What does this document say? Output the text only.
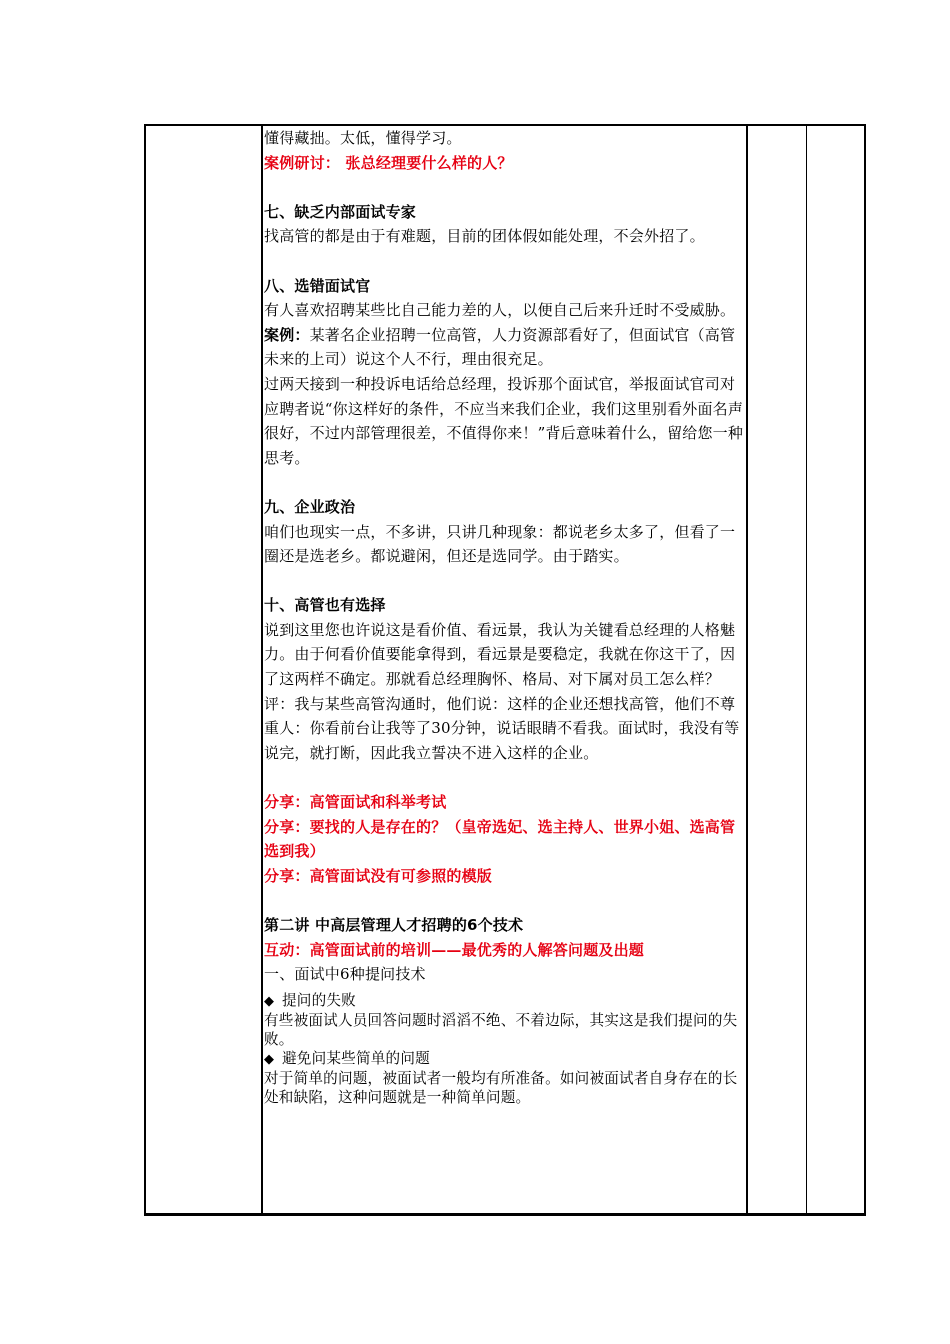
懂得藏拙。太低，懂得学习。

案例研讨： 张总经理要什么样的人？

七、缺乏内部面试专家

找高管的都是由于有难题，目前的团体假如能处理，不会外招了。

八、选错面试官

有人喜欢招聘某些比自己能力差的人，以便自己后来升迁时不受威胁。

案例：某著名企业招聘一位高管，人力资源部看好了，但面试官（高管未来的上司）说这个人不行，理由很充足。

过两天接到一种投诉电话给总经理，投诉那个面试官，举报面试官司对应聘者说“你这样好的条件，不应当来我们企业，我们这里别看外面名声很好，不过内部管理很差，不值得你来！”背后意味着什么，留给您一种思考。

九、企业政治

咱们也现实一点，不多讲，只讲几种现象：都说老乡太多了，但看了一圈还是选老乡。都说避闲，但还是选同学。由于踏实。

十、高管也有选择

说到这里您也许说这是看价值、看远景，我认为关键看总经理的人格魅力。由于何看价值要能拿得到，看远景是要稳定，我就在你这干了，因了这两样不确定。那就看总经理胸怀、格局、对下属对员工怎么样？

评：我与某些高管沟通时，他们说：这样的企业还想找高管，他们不尊重人：你看前台让我等了30分钟，说话眼睛不看我。面试时，我没有等说完，就打断，因此我立誓决不进入这样的企业。

分享：高管面试和科举考试

分享：要找的人是存在的？（皇帝选妃、选主持人、世界小姐、选高管选到我）

分享：高管面试没有可参照的模版

第二讲 中高层管理人才招聘的6个技术

互动：高管面试前的培训——最优秀的人解答问题及出题

一、面试中6种提问技术

◆ 提问的失败

有些被面试人员回答问题时滔滔不绝、不着边际，其实这是我们提问的失败。

◆ 避免问某些简单的问题

对于简单的问题，被面试者一般均有所准备。如问被面试者自身存在的长处和缺陷，这种问题就是一种简单问题。
